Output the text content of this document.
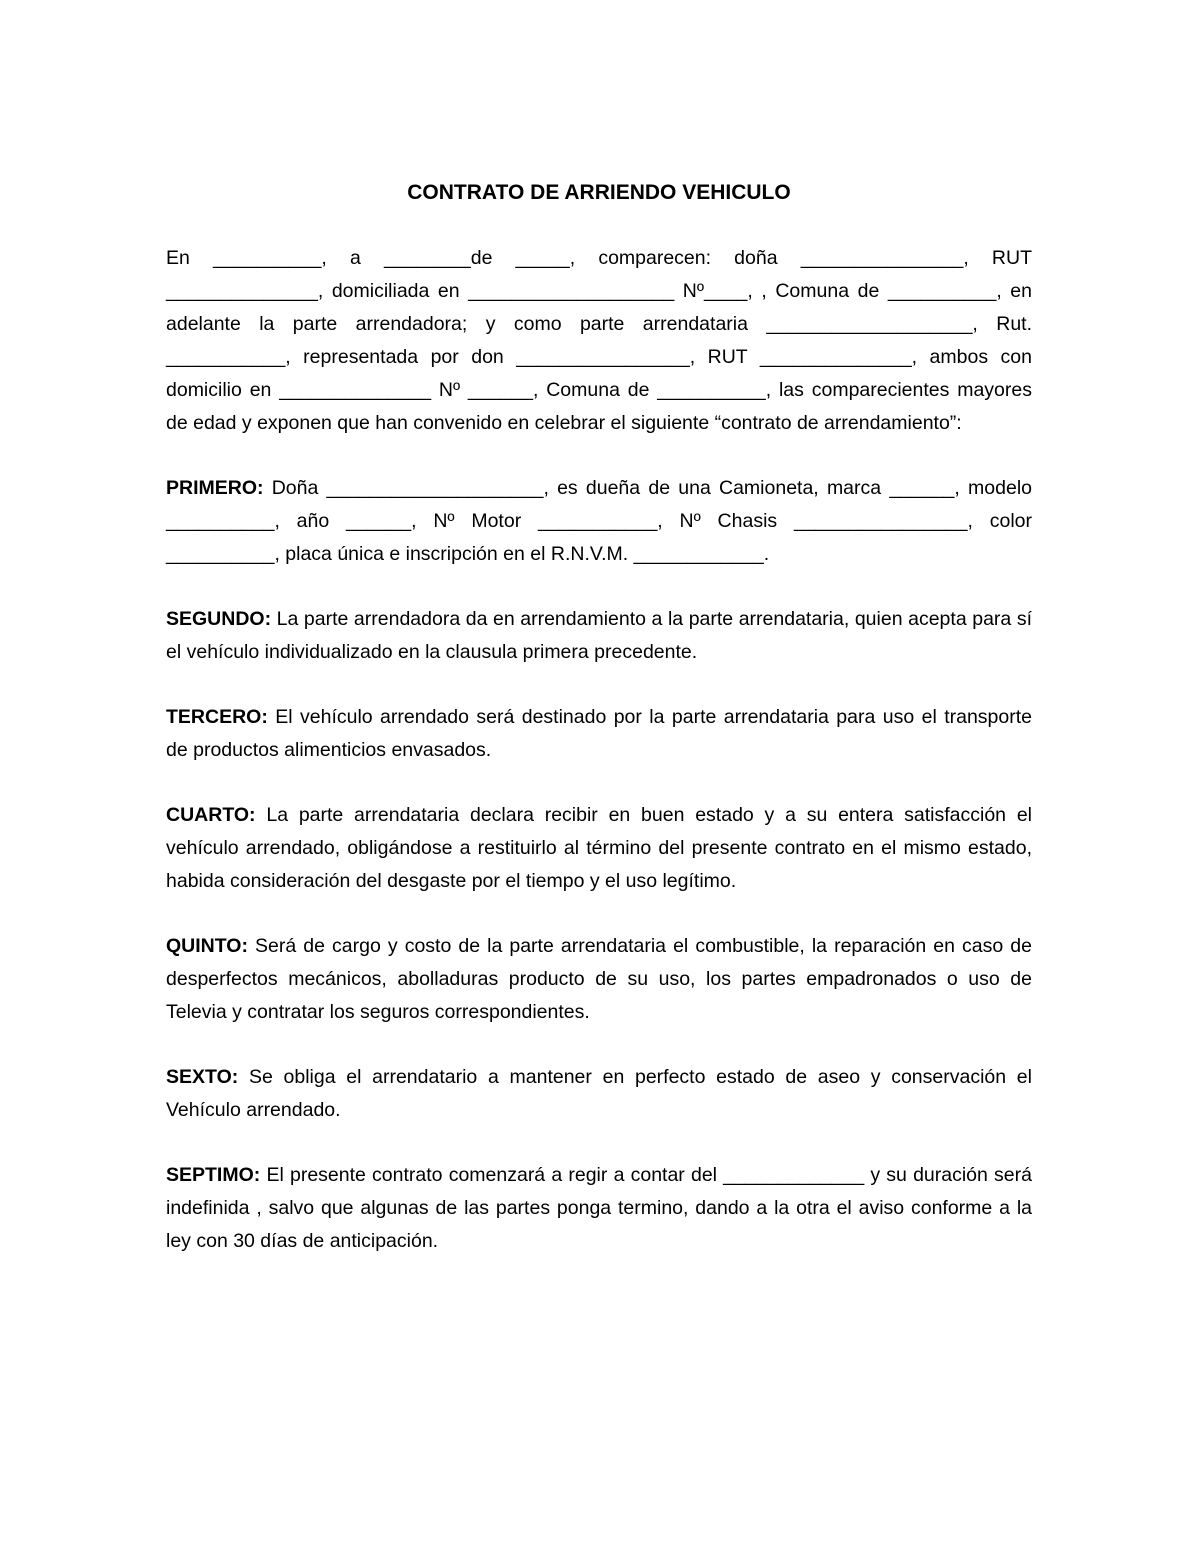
CONTRATO DE ARRIENDO VEHICULO

En __________, a ________de _____, comparecen: doña _______________, RUT ______________, domiciliada en ___________________ Nº____, , Comuna de __________, en adelante la parte arrendadora; y como parte arrendataria ___________________, Rut. ___________, representada por don ________________, RUT ______________, ambos con domicilio en ______________ Nº ______, Comuna de __________, las comparecientes mayores de edad y exponen que han convenido en celebrar el siguiente “contrato de arrendamiento”:

PRIMERO: Doña ____________________, es dueña de una Camioneta, marca ______, modelo __________, año ______, Nº Motor ___________, Nº Chasis ________________, color __________, placa única e inscripción en el R.N.V.M. ____________.

SEGUNDO: La parte arrendadora da en arrendamiento a la parte arrendataria, quien acepta para sí el vehículo individualizado en la clausula primera precedente.

TERCERO: El vehículo arrendado será destinado por la parte arrendataria para uso el transporte de productos alimenticios envasados.

CUARTO: La parte arrendataria declara recibir en buen estado y a su entera satisfacción el vehículo arrendado, obligándose a restituirlo al término del presente contrato en el mismo estado, habida consideración del desgaste por el tiempo y el uso legítimo.

QUINTO: Será de cargo y costo de la parte arrendataria el combustible, la reparación en caso de desperfectos mecánicos, abolladuras producto de su uso, los partes empadronados o uso de Televia y contratar los seguros correspondientes.

SEXTO: Se obliga el arrendatario a mantener en perfecto estado de aseo y conservación el Vehículo arrendado.

SEPTIMO: El presente contrato comenzará a regir a contar del _____________ y su duración será indefinida , salvo que algunas de las partes ponga termino, dando a la otra el aviso conforme a la ley con 30 días de anticipación.
